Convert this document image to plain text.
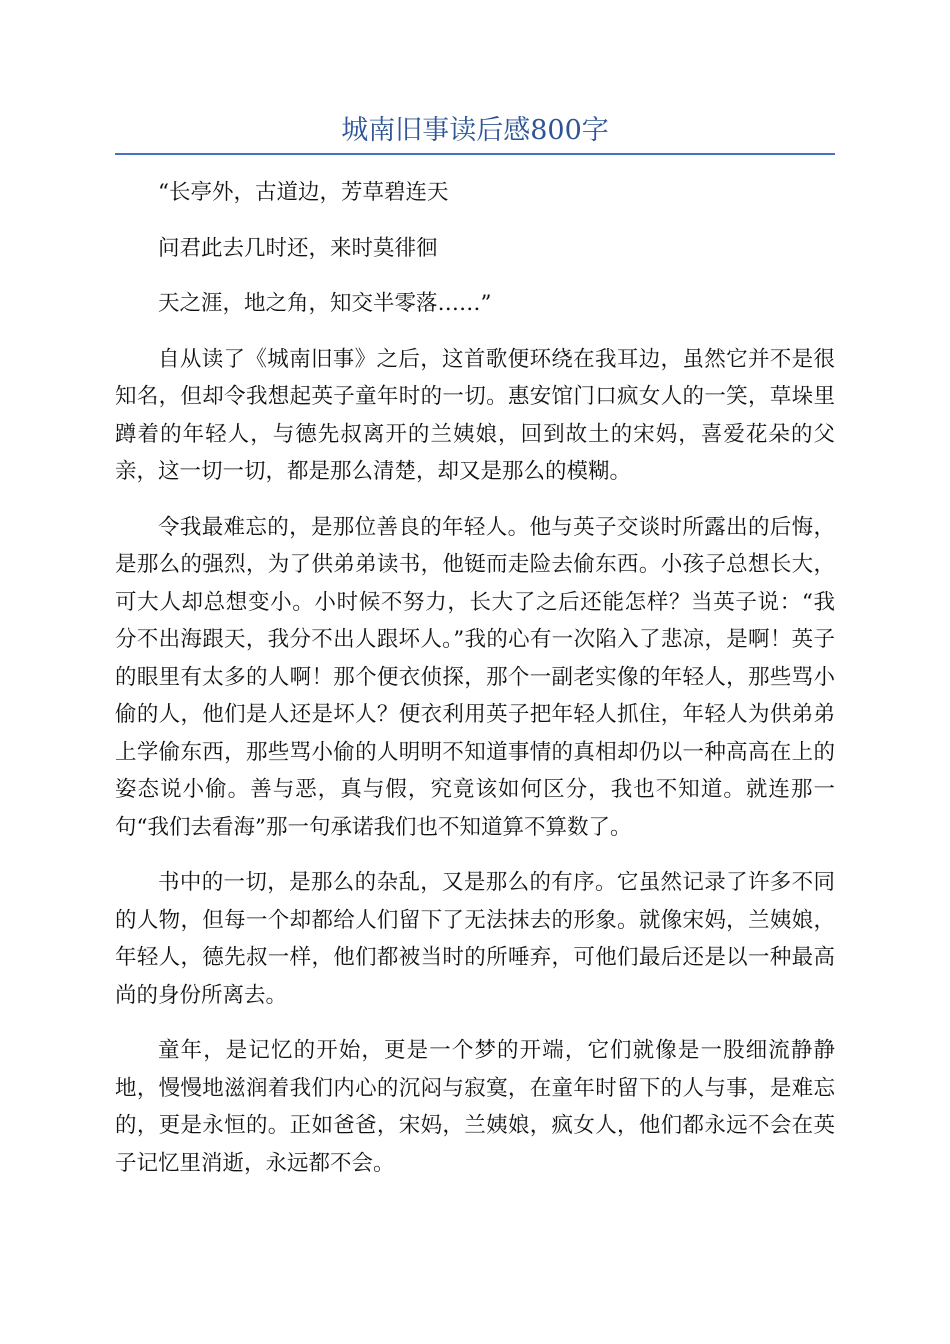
城南旧事读后感800字

“长亭外，古道边，芳草碧连天

问君此去几时还，来时莫徘徊

天之涯，地之角，知交半零落……”

自从读了《城南旧事》之后，这首歌便环绕在我耳边，虽然它并不是很知名，但却令我想起英子童年时的一切。惠安馆门口疯女人的一笑，草垛里蹲着的年轻人，与德先叔离开的兰姨娘，回到故土的宋妈，喜爱花朵的父亲，这一切一切，都是那么清楚，却又是那么的模糊。

令我最难忘的，是那位善良的年轻人。他与英子交谈时所露出的后悔，是那么的强烈，为了供弟弟读书，他铤而走险去偷东西。小孩子总想长大，可大人却总想变小。小时候不努力，长大了之后还能怎样？当英子说：“我分不出海跟天，我分不出人跟坏人。”我的心有一次陷入了悲凉，是啊！英子的眼里有太多的人啊！那个便衣侦探，那个一副老实像的年轻人，那些骂小偷的人，他们是人还是坏人？便衣利用英子把年轻人抓住，年轻人为供弟弟上学偷东西，那些骂小偷的人明明不知道事情的真相却仍以一种高高在上的姿态说小偷。善与恶，真与假，究竟该如何区分，我也不知道。就连那一句“我们去看海”那一句承诺我们也不知道算不算数了。

书中的一切，是那么的杂乱，又是那么的有序。它虽然记录了许多不同的人物，但每一个却都给人们留下了无法抹去的形象。就像宋妈，兰姨娘，年轻人，德先叔一样，他们都被当时的所唾弃，可他们最后还是以一种最高尚的身份所离去。

童年，是记忆的开始，更是一个梦的开端，它们就像是一股细流静静地，慢慢地滋润着我们内心的沉闷与寂寞，在童年时留下的人与事，是难忘的，更是永恒的。正如爸爸，宋妈，兰姨娘，疯女人，他们都永远不会在英子记忆里消逝，永远都不会。
